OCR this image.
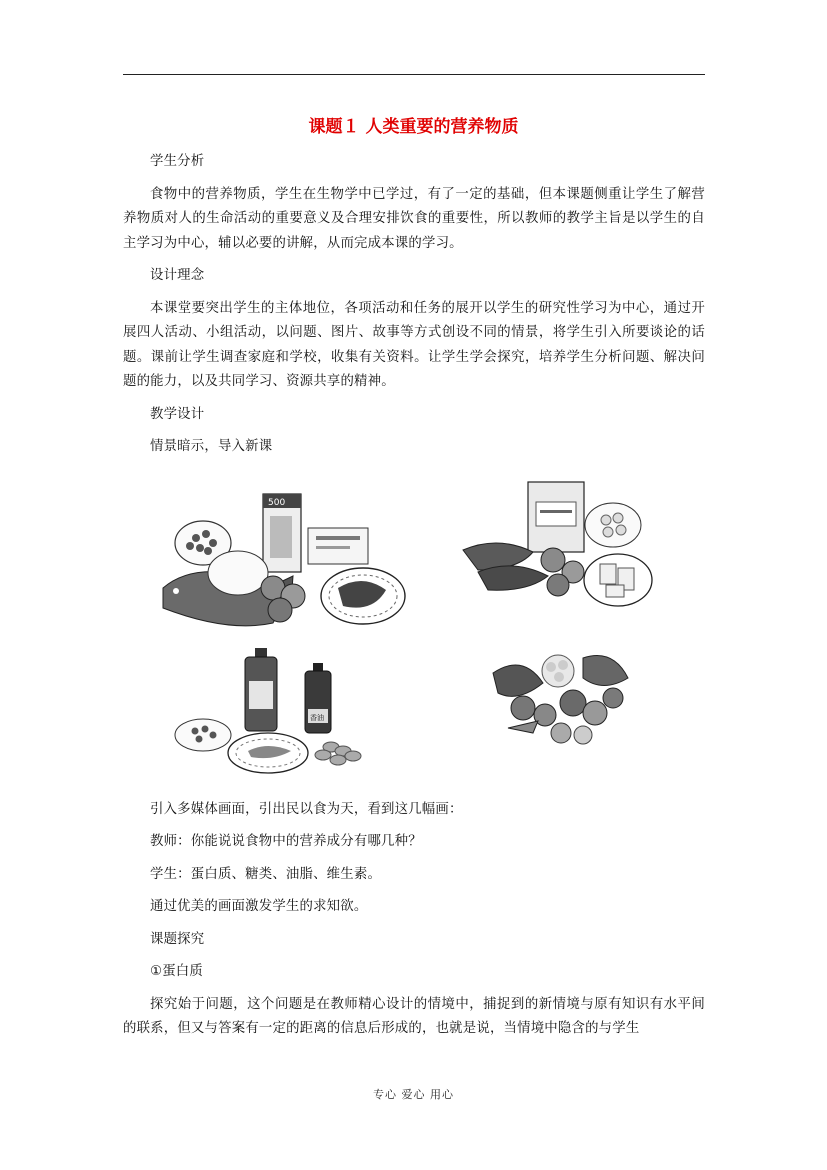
课题１ 人类重要的营养物质

学生分析

食物中的营养物质，学生在生物学中已学过，有了一定的基础，但本课题侧重让学生了解营养物质对人的生命活动的重要意义及合理安排饮食的重要性，所以教师的教学主旨是以学生的自主学习为中心，辅以必要的讲解，从而完成本课的学习。

设计理念

本课堂要突出学生的主体地位，各项活动和任务的展开以学生的研究性学习为中心，通过开展四人活动、小组活动，以问题、图片、故事等方式创设不同的情景，将学生引入所要谈论的话题。课前让学生调查家庭和学校，收集有关资料。让学生学会探究，培养学生分析问题、解决问题的能力，以及共同学习、资源共享的精神。

教学设计

情景暗示，导入新课

500
香油

引入多媒体画面，引出民以食为天，看到这几幅画：

教师：你能说说食物中的营养成分有哪几种？

学生：蛋白质、糖类、油脂、维生素。

通过优美的画面激发学生的求知欲。

课题探究

①蛋白质

探究始于问题，这个问题是在教师精心设计的情境中，捕捉到的新情境与原有知识有水平间的联系，但又与答案有一定的距离的信息后形成的，也就是说，当情境中隐含的与学生

专心 爱心 用心
